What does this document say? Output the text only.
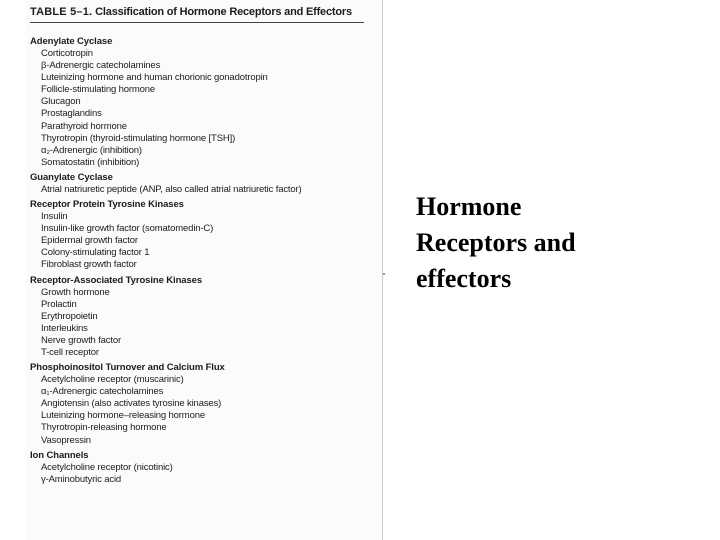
TABLE 5–1. Classification of Hormone Receptors and Effectors
Adenylate Cyclase
Corticotropin
β-Adrenergic catecholamines
Luteinizing hormone and human chorionic gonadotropin
Follicle-stimulating hormone
Glucagon
Prostaglandins
Parathyroid hormone
Thyrotropin (thyroid-stimulating hormone [TSH])
α₂-Adrenergic (inhibition)
Somatostatin (inhibition)
Guanylate Cyclase
Atrial natriuretic peptide (ANP, also called atrial natriuretic factor)
Receptor Protein Tyrosine Kinases
Insulin
Insulin-like growth factor (somatomedin-C)
Epidermal growth factor
Colony-stimulating factor 1
Fibroblast growth factor
Receptor-Associated Tyrosine Kinases
Growth hormone
Prolactin
Erythropoietin
Interleukins
Nerve growth factor
T-cell receptor
Phosphoinositol Turnover and Calcium Flux
Acetylcholine receptor (muscarinic)
α₁-Adrenergic catecholamines
Angiotensin (also activates tyrosine kinases)
Luteinizing hormone–releasing hormone
Thyrotropin-releasing hormone
Vasopressin
Ion Channels
Acetylcholine receptor (nicotinic)
γ-Aminobutyric acid
Hormone
Receptors and
effectors
